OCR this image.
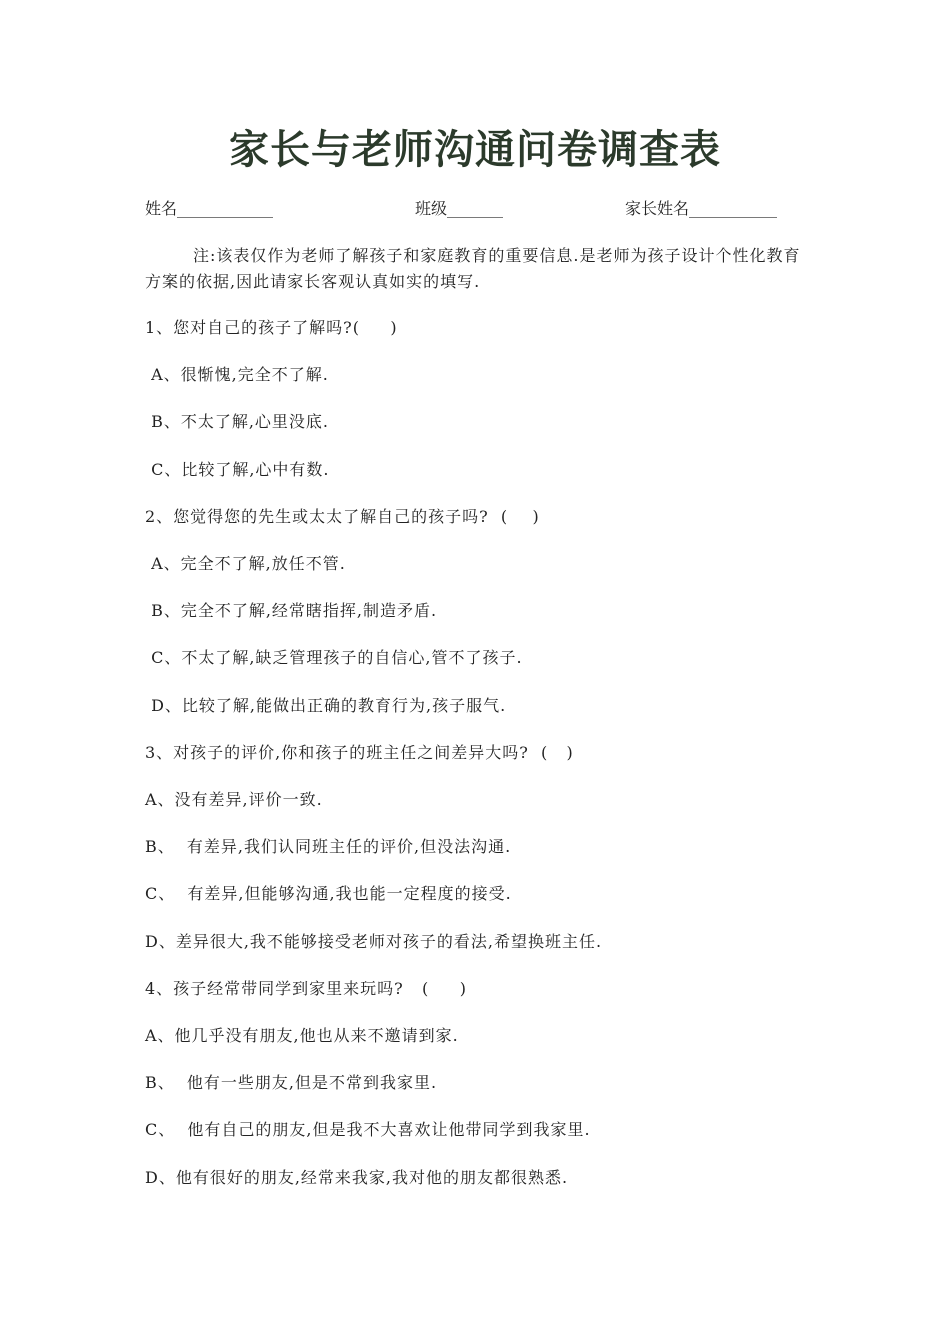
家长与老师沟通问卷调查表
姓名____________	班级_______	家长姓名___________
注:该表仅作为老师了解孩子和家庭教育的重要信息.是老师为孩子设计个性化教育方案的依据,因此请家长客观认真如实的填写.
1、您对自己的孩子了解吗?(     )
A、很惭愧,完全不了解.
B、不太了解,心里没底.
C、比较了解,心中有数.
2、您觉得您的先生或太太了解自己的孩子吗?  (    )
A、完全不了解,放任不管.
B、完全不了解,经常瞎指挥,制造矛盾.
C、不太了解,缺乏管理孩子的自信心,管不了孩子.
D、比较了解,能做出正确的教育行为,孩子服气.
3、对孩子的评价,你和孩子的班主任之间差异大吗?  (   )
A、没有差异,评价一致.
B、  有差异,我们认同班主任的评价,但没法沟通.
C、  有差异,但能够沟通,我也能一定程度的接受.
D、差异很大,我不能够接受老师对孩子的看法,希望换班主任.
4、孩子经常带同学到家里来玩吗?   (     )
A、他几乎没有朋友,他也从来不邀请到家.
B、  他有一些朋友,但是不常到我家里.
C、  他有自己的朋友,但是我不大喜欢让他带同学到我家里.
D、他有很好的朋友,经常来我家,我对他的朋友都很熟悉.
